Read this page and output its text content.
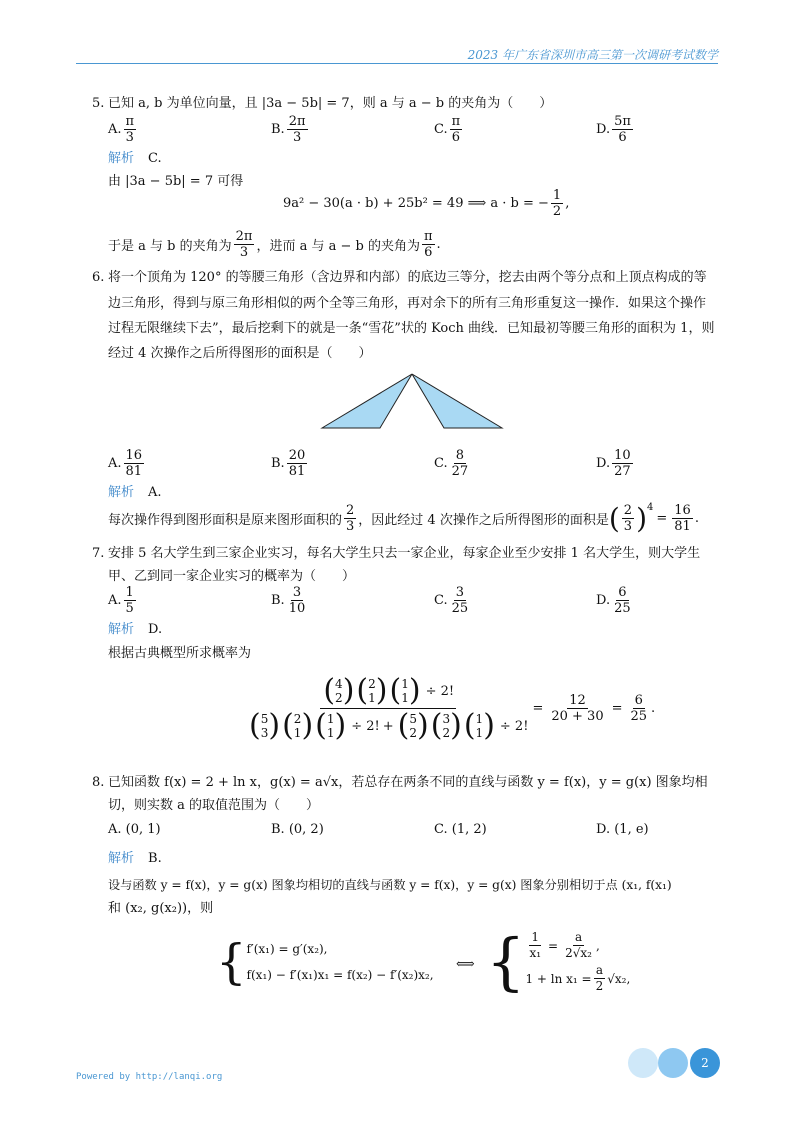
2023 年广东省深圳市高三第一次调研考试数学
5. 已知 a, b 为单位向量，且 |3a − 5b| = 7，则 a 与 a − b 的夹角为（　　）
A. $\frac{\pi}{3}$	B. $\frac{2\pi}{3}$	C. $\frac{\pi}{6}$	D. $\frac{5\pi}{6}$
解析 C.
由 |3a − 5b| = 7 可得
9a² − 30(a · b) + 25b² = 49 ⟹ a · b = − $\frac{1}{2}$ ,
于是 a 与 b 的夹角为 $\frac{2\pi}{3}$ ，进而 a 与 a − b 的夹角为 $\frac{\pi}{6}$ .
6. 将一个顶角为 120° 的等腰三角形（含边界和内部）的底边三等分，挖去由两个等分点和上顶点构成的等
边三角形，得到与原三角形相似的两个全等三角形，再对余下的所有三角形重复这一操作．如果这个操作
过程无限继续下去”，最后挖剩下的就是一条“雪花”状的 Koch 曲线．已知最初等腰三角形的面积为 1，则
经过 4 次操作之后所得图形的面积是（　　）
A. $\frac{16}{81}$	B. $\frac{20}{81}$	C. $\frac{8}{27}$	D. $\frac{10}{27}$
解析 A.
每次操作得到图形面积是原来图形面积的 $\frac{2}{3}$ ，因此经过 4 次操作之后所得图形的面积是 ( $\frac{2}{3} )^4$
= $\frac{16}{81}$ .
7. 安排 5 名大学生到三家企业实习，每名大学生只去一家企业，每家企业至少安排 1 名大学生，则大学生
甲、乙到同一家企业实习的概率为（　　）
A. $\frac{1}{5}$	B. $\frac{3}{10}$	C. $\frac{3}{25}$	D. $\frac{6}{25}$
解析 D.
根据古典概型所求概率为
( 4
2 ) ( 2
1 ) ( 1
1 ) ÷ 2!
( 5
3 ) ( 2
1 ) ( 1
1 ) ÷ 2! + ( 5
2 ) ( 3
2 ) ( 1
1 ) ÷ 2!
= $\frac{12}{20 + 30} = \frac{6}{25}$ .
8. 已知函数 f(x) = 2 + ln x，g(x) = a√x，若总存在两条不同的直线与函数 y = f(x)，y = g(x) 图象均相
切，则实数 a 的取值范围为（　　）
A.
(0, 1)	B.
(0, 2)	C.
(1, 2)	D.
(1, e)
解析 B.
设与函数 y = f(x)，y = g(x) 图象均相切的直线与函数 y = f(x)，y = g(x) 图象分别相切于点 (x₁, f(x₁)
和 (x₂, g(x₂))，则
{ f′(x₁) = g′(x₂),
f(x₁) − f′(x₁)x₁ = f(x₂) − f′(x₂)x₂,
⟺ { $\frac{1}{\text{x₁}} = \frac{a}{\text{2√x₂}}$ ,
$1 + \ln x_1 = \frac{a}{2} √x_2$,
Powered by http://lanqi.org
2
